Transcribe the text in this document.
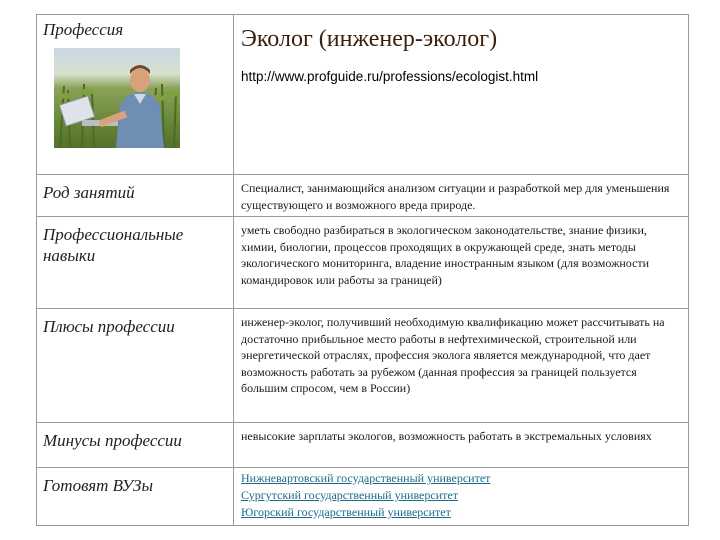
Профессия	Эколог (инженер-эколог)
http://www.profguide.ru/professions/ecologist.html

Род занятий	Специалист, занимающийся анализом ситуации и разработкой мер для уменьшения существующего и возможного вреда природе.

Профессиональные навыки	уметь свободно разбираться в экологическом законодательстве, знание физики, химии, биологии, процессов проходящих в окружающей среде, знать методы экологического мониторинга, владение иностранным языком (для возможности командировок или работы за границей)

Плюсы профессии	инженер-эколог, получивший необходимую квалификацию может рассчитывать на достаточно прибыльное место работы в нефтехимической, строительной или энергетической отраслях, профессия эколога является международной, что дает возможность работать за рубежом (данная профессия за границей пользуется большим спросом, чем в России)

Минусы профессии	невысокие зарплаты экологов, возможность работать в экстремальных условиях

Готовят ВУЗы	Нижневартовский государственный университет
Сургутский государственный университет
Югорский государственный университет
